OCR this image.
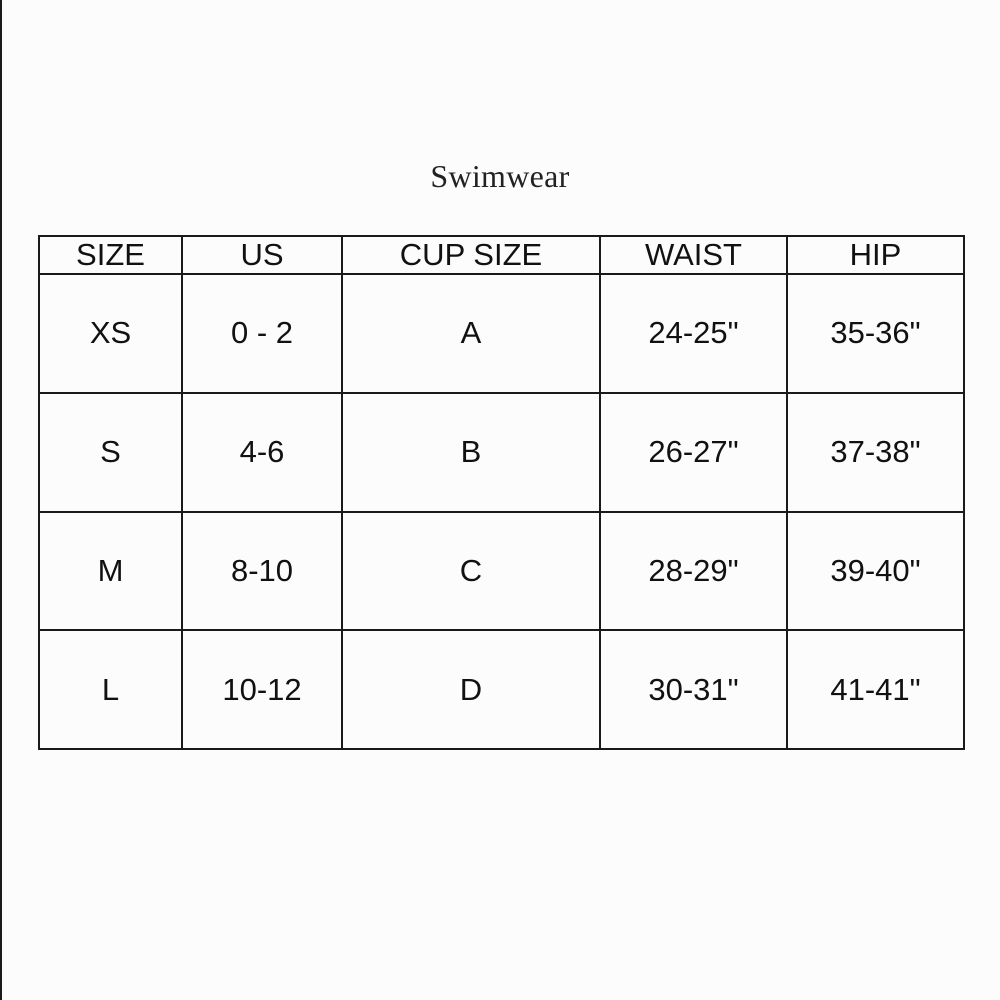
Swimwear
SIZE	US	CUP SIZE	WAIST	HIP
XS	0 - 2	A	24-25"	35-36"
S	4-6	B	26-27"	37-38"
M	8-10	C	28-29"	39-40"
L	10-12	D	30-31"	41-41"
